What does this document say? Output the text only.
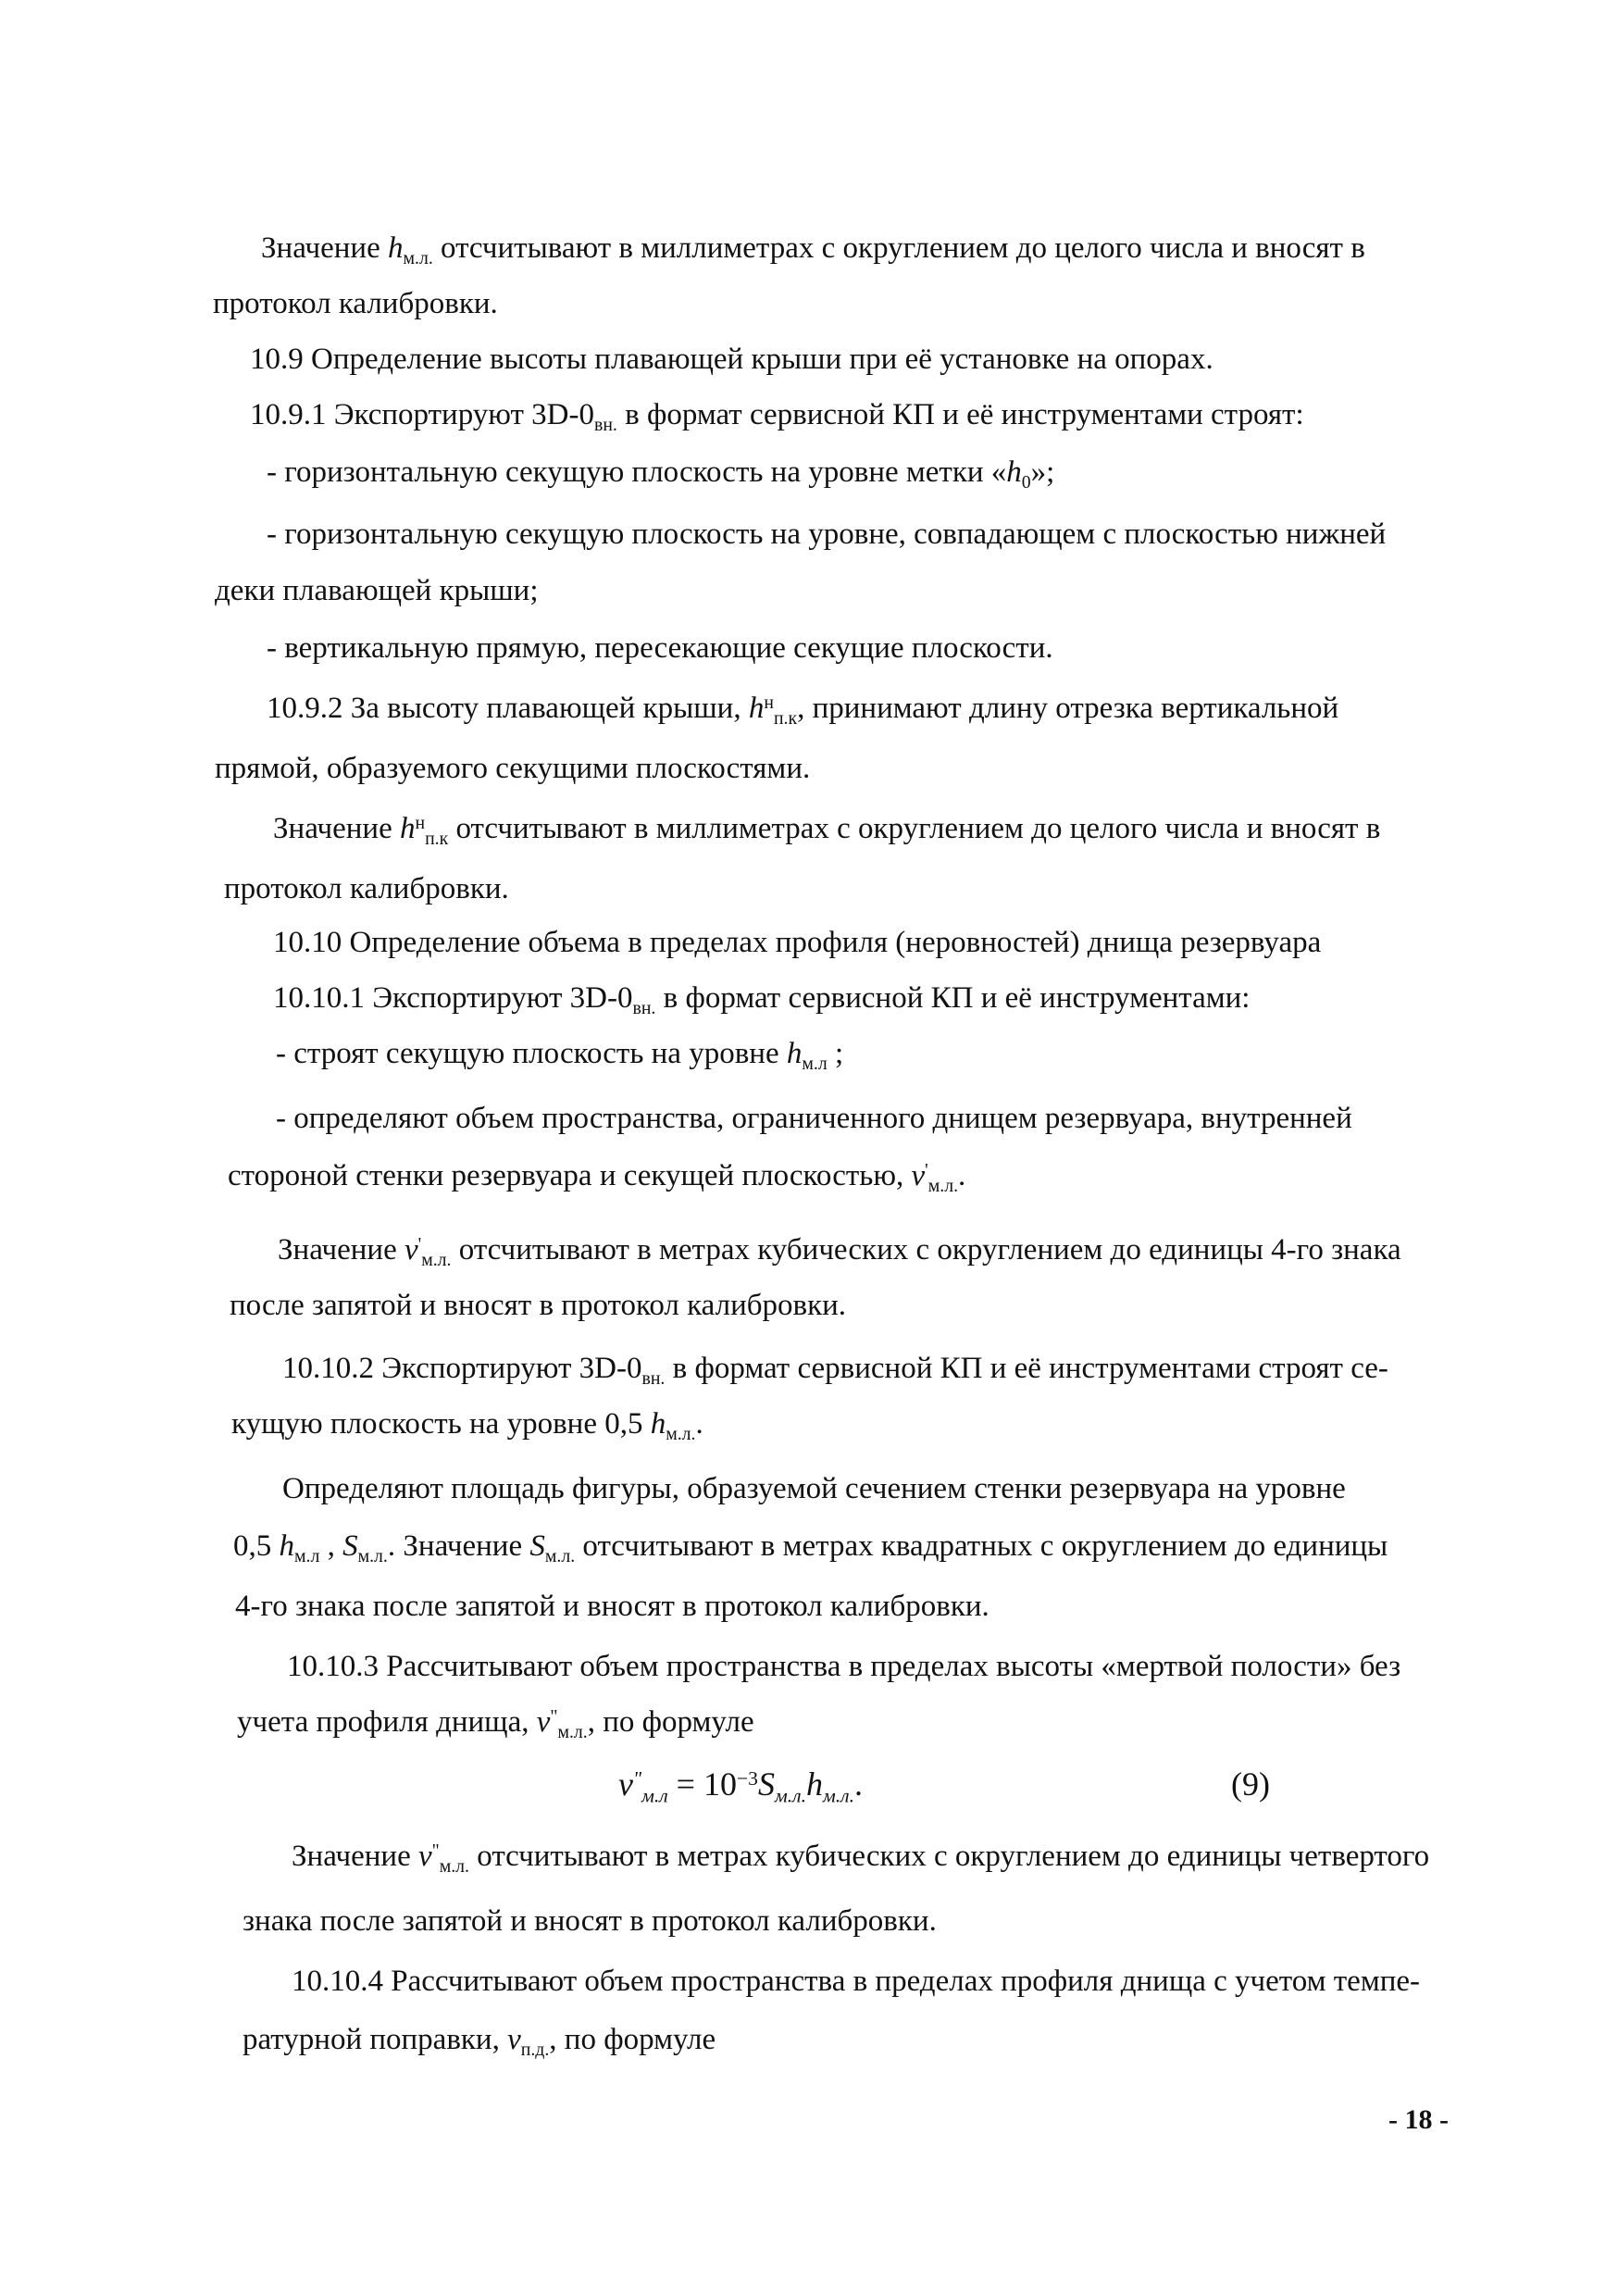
Значение $h_{м.л.}$ отсчитывают в миллиметрах с округлением до целого числа и вносят в
протокол калибровки.
10.9 Определение высоты плавающей крыши при её установке на опорах.
10.9.1 Экспортируют $3D-0_{вн.}$ в формат сервисной КП и её инструментами строят:
- горизонтальную секущую плоскость на уровне метки «$h_0$»;
- горизонтальную секущую плоскость на уровне, совпадающем с плоскостью нижней
деки плавающей крыши;
- вертикальную прямую, пересекающие секущие плоскости.
10.9.2 За высоту плавающей крыши, $h^н_{п.к}$, принимают длину отрезка вертикальной
прямой, образуемого секущими плоскостями.
Значение $h^н_{п.к}$ отсчитывают в миллиметрах с округлением до целого числа и вносят в
протокол калибровки.
10.10 Определение объема в пределах профиля (неровностей) днища резервуара
10.10.1 Экспортируют $3D-0_{вн.}$ в формат сервисной КП и её инструментами:
- строят секущую плоскость на уровне $h_{м.л}$ ;
- определяют объем пространства, ограниченного днищем резервуара, внутренней
стороной стенки резервуара и секущей плоскостью, $v'_{м.л.}$.
Значение $v'_{м.л.}$ отсчитывают в метрах кубических с округлением до единицы 4-го знака
после запятой и вносят в протокол калибровки.
10.10.2 Экспортируют $3D-0_{вн.}$ в формат сервисной КП и её инструментами строят се-
кущую плоскость на уровне 0,5 $h_{м.л.}$.
Определяют площадь фигуры, образуемой сечением стенки резервуара на уровне
0,5 $h_{м.л}$ , $S_{м.л.}$. Значение $S_{м.л.}$ отсчитывают в метрах квадратных с округлением до единицы
4-го знака после запятой и вносят в протокол калибровки.
10.10.3 Рассчитывают объем пространства в пределах высоты «мертвой полости» без
учета профиля днища, $v^"_{м.л.}$, по формуле
$v^"_{м.л} = 10^{-3}S_{м.л.}h_{м.л.}$.	(9)
Значение $v^"_{м.л.}$ отсчитывают в метрах кубических с округлением до единицы четвертого
знака после запятой и вносят в протокол калибровки.
10.10.4 Рассчитывают объем пространства в пределах профиля днища с учетом темпе-
ратурной поправки, $v_{п.д.}$, по формуле
- 18 -
